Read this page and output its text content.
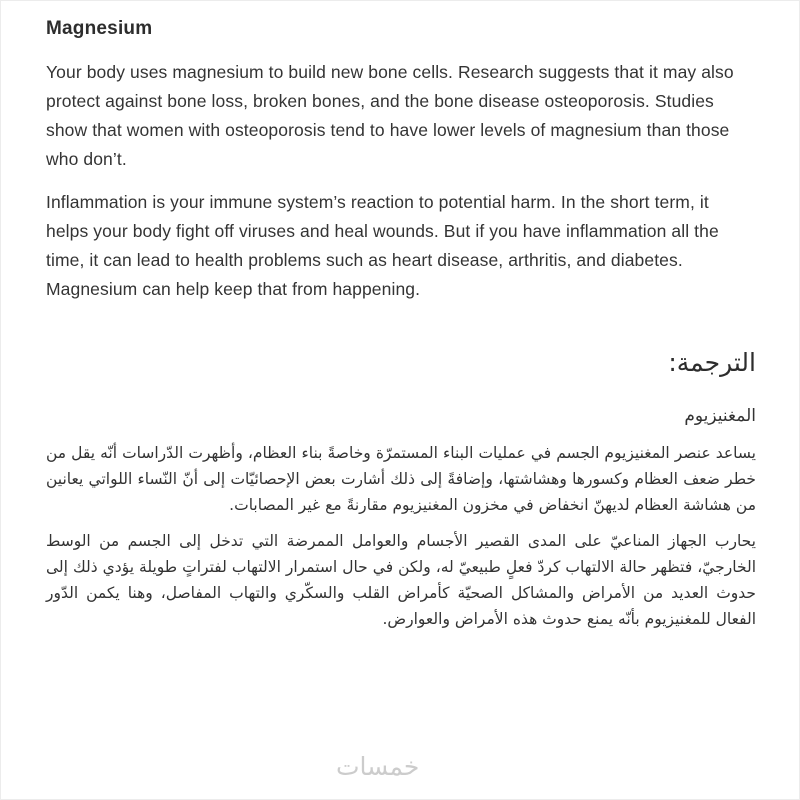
Magnesium

Your body uses magnesium to build new bone cells. Research suggests that it may also protect against bone loss, broken bones, and the bone disease osteoporosis. Studies show that women with osteoporosis tend to have lower levels of magnesium than those who don’t.

Inflammation is your immune system’s reaction to potential harm. In the short term, it helps your body fight off viruses and heal wounds. But if you have inflammation all the time, it can lead to health problems such as heart disease, arthritis, and diabetes. Magnesium can help keep that from happening.

الترجمة:
المغنيزيوم

يساعد عنصر المغنيزيوم الجسم في عمليات البناء المستمرّة وخاصةً بناء العظام، وأظهرت الدّراسات أنّه يقل من خطر ضعف العظام وكسورها وهشاشتها، وإضافةً إلى ذلك أشارت بعض الإحصائيّات إلى أنّ النّساء اللواتي يعانين من هشاشة العظام لديهنّ انخفاض في مخزون المغنيزيوم مقارنةً مع غير المصابات.

يحارب الجهاز المناعيّ على المدى القصير الأجسام والعوامل الممرضة التي تدخل إلى الجسم من الوسط الخارجيّ، فتظهر حالة الالتهاب كردّ فعلٍ طبيعيّ له، ولكن في حال استمرار الالتهاب لفتراتٍ طويلة يؤدي ذلك إلى حدوث العديد من الأمراض والمشاكل الصحيّة كأمراض القلب والسكّري والتهاب المفاصل، وهنا يكمن الدّور الفعال للمغنيزيوم بأنّه يمنع حدوث هذه الأمراض والعوارض.

خمسات
